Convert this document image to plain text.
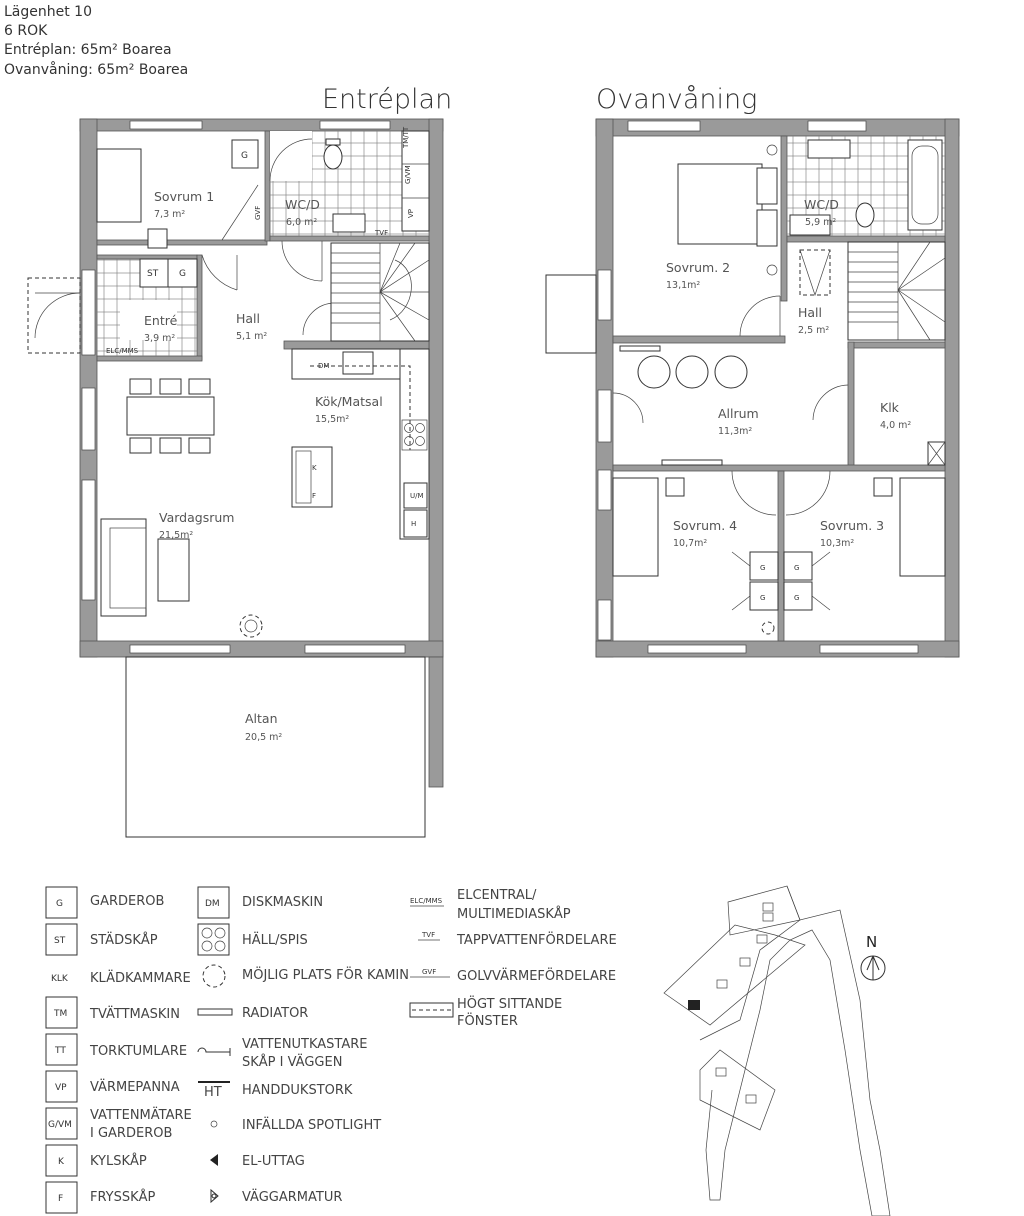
Lägenhet 10
6 ROK
Entréplan: 65m² Boarea
Ovanvåning: 65m² Boarea
Entréplan	Ovanvåning
TM/TT
G/VM
VP
TVF
GVF
G
ST G
ELC/MMS
DM
U/M
H
K
F
Sovrum 1
7,3 m²
WC/D
6,0 m²
Entré
3,9 m²
Hall
5,1 m²
Kök/Matsal
15,5m²
Vardagsrum
21,5m²
Altan
20,5 m²
G
G
G
G
Sovrum. 2
13,1m²
WC/D
5,9 m²
Hall
2,5 m²
Allrum
11,3m²
Klk
4,0 m²
Sovrum. 4
10,7m²
Sovrum. 3
10,3m²
G GARDEROB
ST STÄDSKÅP
KLK KLÄDKAMMARE
TM TVÄTTMASKIN
TT TORKTUMLARE
VP VÄRMEPANNA
G/VM
VATTENMÄTARE
I GARDEROB
K KYLSKÅP
F FRYSSKÅP
DM DISKMASKIN
HÄLL/SPIS
MÖJLIG PLATS FÖR KAMIN
RADIATOR
VATTENUTKASTARE
SKÅP I VÄGGEN
HT HANDDUKSTORK
INFÄLLDA SPOTLIGHT
EL-UTTAG
VÄGGARMATUR
ELC/MMS ELCENTRAL/
MULTIMEDIASKÅP
TVF TAPPVATTENFÖRDELARE
GVF GOLVVÄRMEFÖRDELARE
HÖGT SITTANDE
FÖNSTER
N
